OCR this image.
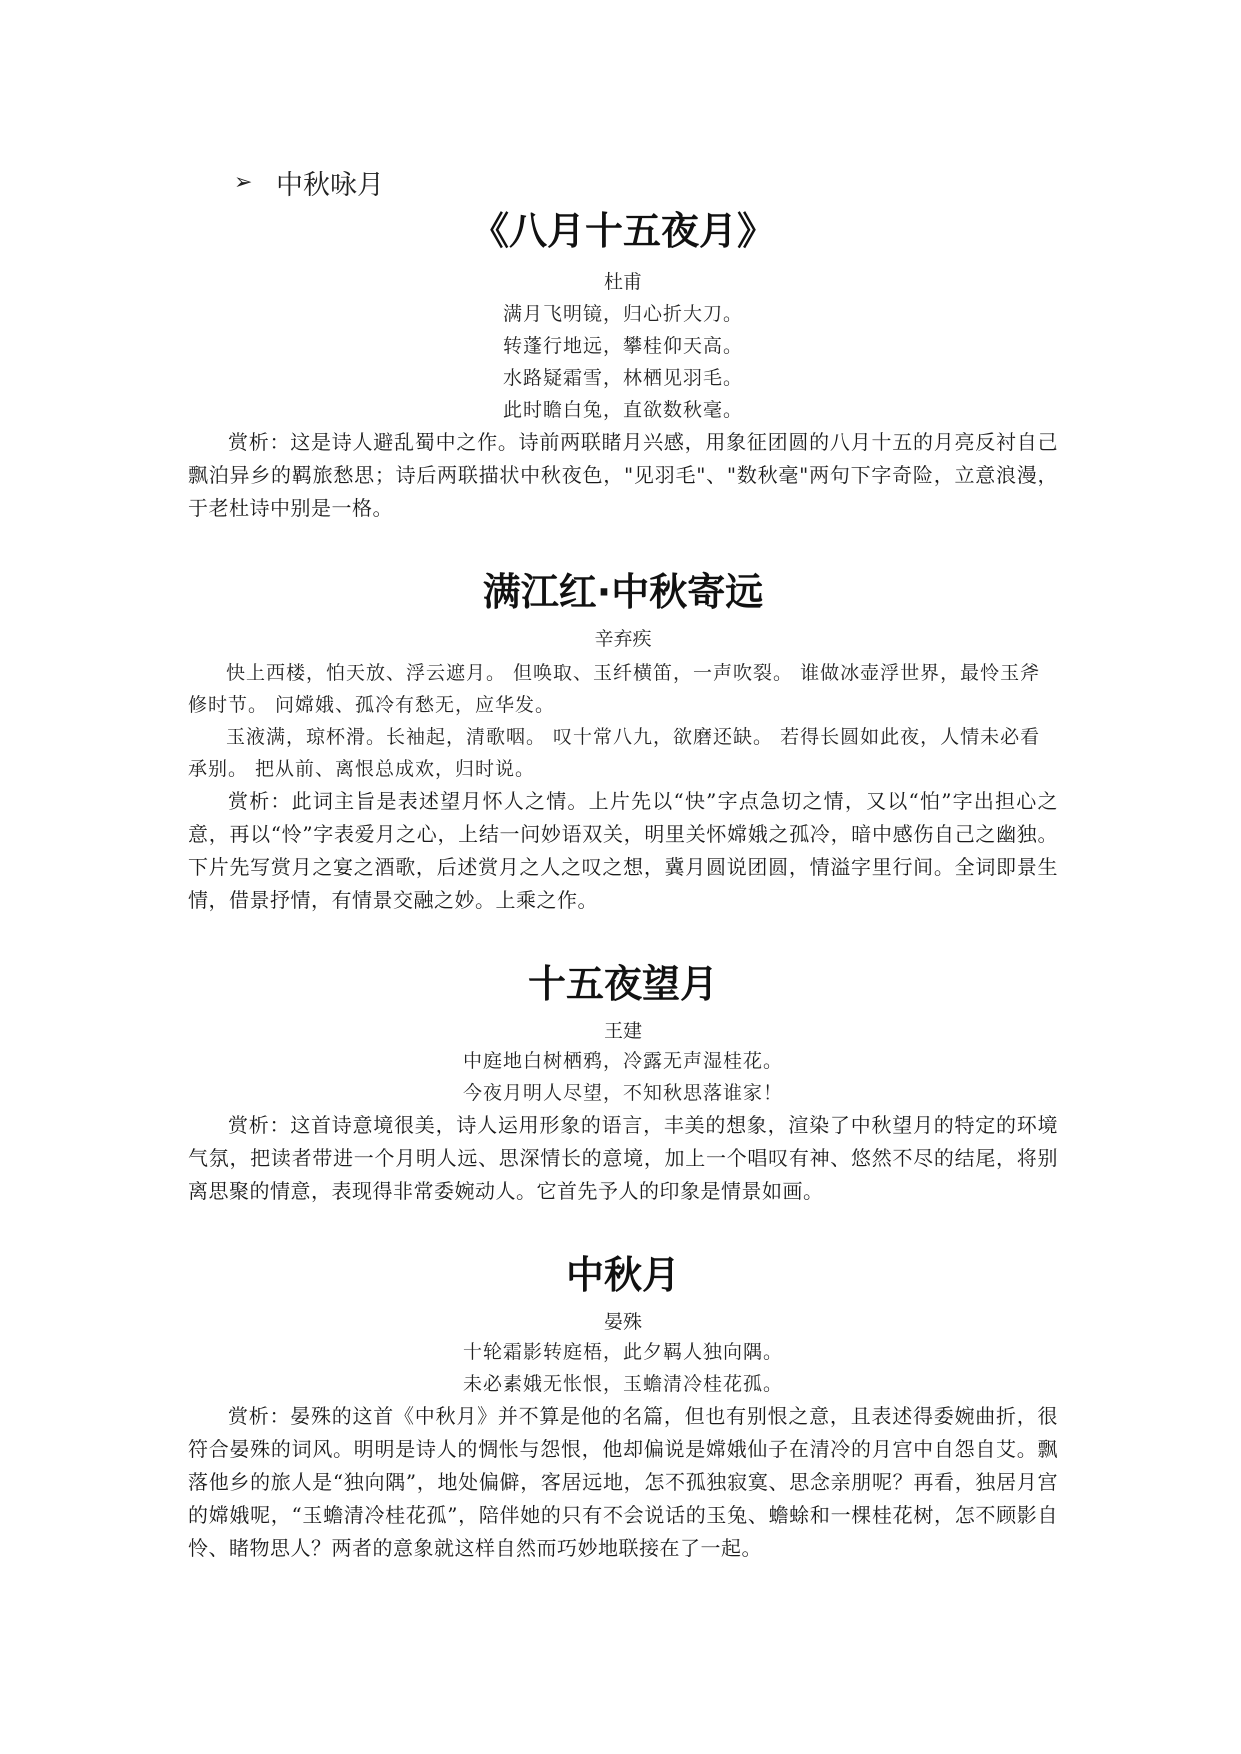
➢ 中秋咏月
《八月十五夜月》
杜甫
满月飞明镜，归心折大刀。
转蓬行地远，攀桂仰天高。
水路疑霜雪，林栖见羽毛。
此时瞻白兔，直欲数秋毫。
赏析：这是诗人避乱蜀中之作。诗前两联睹月兴感，用象征团圆的八月十五的月亮反衬自己飘泊异乡的羁旅愁思；诗后两联描状中秋夜色，"见羽毛"、"数秋毫"两句下字奇险，立意浪漫，于老杜诗中别是一格。
满江红·中秋寄远
辛弃疾
快上西楼，怕天放、浮云遮月。 但唤取、玉纤横笛，一声吹裂。 谁做冰壶浮世界，最怜玉斧修时节。 问嫦娥、孤冷有愁无，应华发。
玉液满，琼杯滑。长袖起，清歌咽。 叹十常八九，欲磨还缺。 若得长圆如此夜，人情未必看承别。 把从前、离恨总成欢，归时说。
赏析：此词主旨是表述望月怀人之情。上片先以“快”字点急切之情，又以“怕”字出担心之意，再以“怜”字表爱月之心，上结一问妙语双关，明里关怀嫦娥之孤冷，暗中感伤自己之幽独。下片先写赏月之宴之酒歌，后述赏月之人之叹之想，冀月圆说团圆，情溢字里行间。全词即景生情，借景抒情，有情景交融之妙。上乘之作。
十五夜望月
王建
中庭地白树栖鸦，冷露无声湿桂花。
今夜月明人尽望，不知秋思落谁家！
赏析：这首诗意境很美，诗人运用形象的语言，丰美的想象，渲染了中秋望月的特定的环境气氛，把读者带进一个月明人远、思深情长的意境，加上一个唱叹有神、悠然不尽的结尾，将别离思聚的情意，表现得非常委婉动人。它首先予人的印象是情景如画。
中秋月
晏殊
十轮霜影转庭梧，此夕羁人独向隅。
未必素娥无怅恨，玉蟾清冷桂花孤。
赏析：晏殊的这首《中秋月》并不算是他的名篇，但也有别恨之意，且表述得委婉曲折，很符合晏殊的词风。明明是诗人的惆怅与怨恨，他却偏说是嫦娥仙子在清冷的月宫中自怨自艾。飘落他乡的旅人是“独向隅”，地处偏僻，客居远地，怎不孤独寂寞、思念亲朋呢？再看，独居月宫的嫦娥呢，“玉蟾清冷桂花孤”，陪伴她的只有不会说话的玉兔、蟾蜍和一棵桂花树，怎不顾影自怜、睹物思人？两者的意象就这样自然而巧妙地联接在了一起。
